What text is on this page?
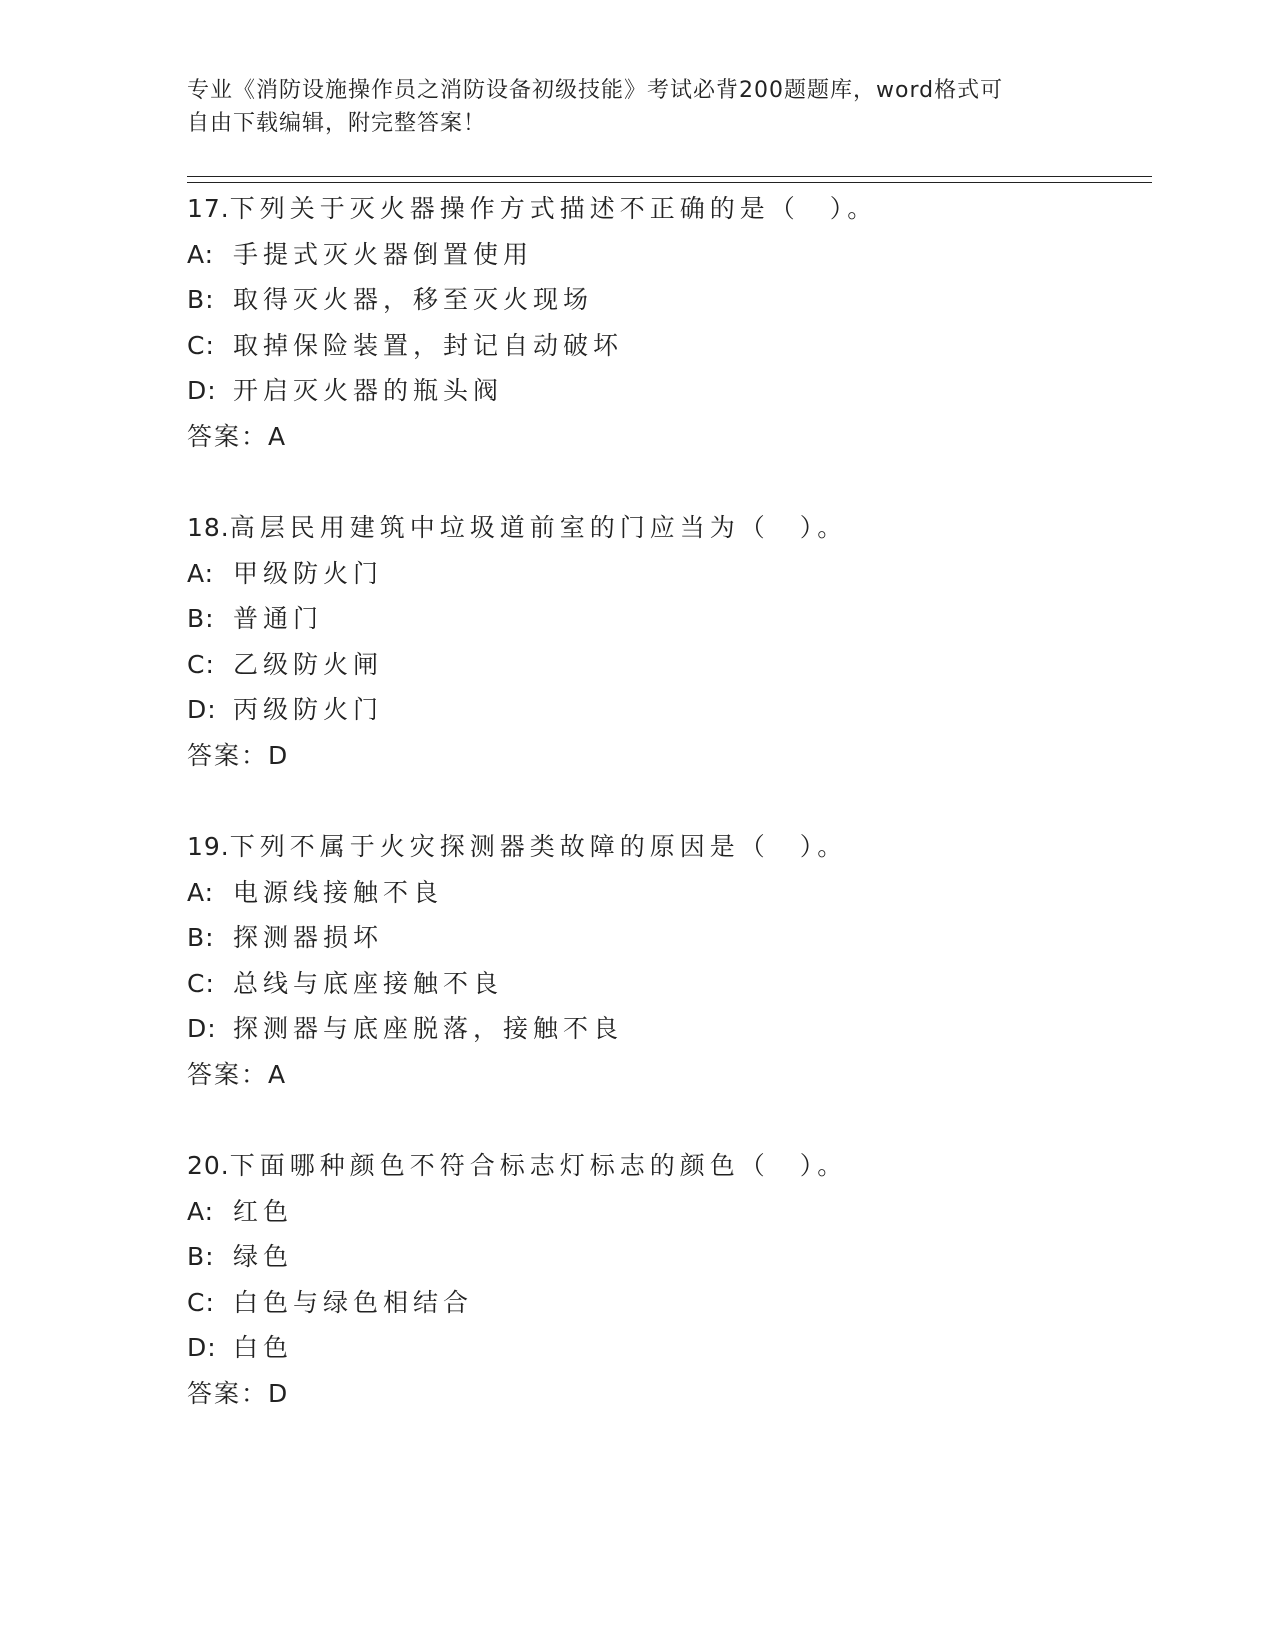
专业《消防设施操作员之消防设备初级技能》考试必背200题题库，word格式可
自由下载编辑，附完整答案！
17.下列关于灭火器操作方式描述不正确的是（　）。
A: 手提式灭火器倒置使用
B: 取得灭火器，移至灭火现场
C: 取掉保险装置，封记自动破坏
D: 开启灭火器的瓶头阀
答案：A
18.高层民用建筑中垃圾道前室的门应当为（　）。
A: 甲级防火门
B: 普通门
C: 乙级防火闸
D: 丙级防火门
答案：D
19.下列不属于火灾探测器类故障的原因是（　）。
A: 电源线接触不良
B: 探测器损坏
C: 总线与底座接触不良
D: 探测器与底座脱落，接触不良
答案：A
20.下面哪种颜色不符合标志灯标志的颜色（　）。
A: 红色
B: 绿色
C: 白色与绿色相结合
D: 白色
答案：D
